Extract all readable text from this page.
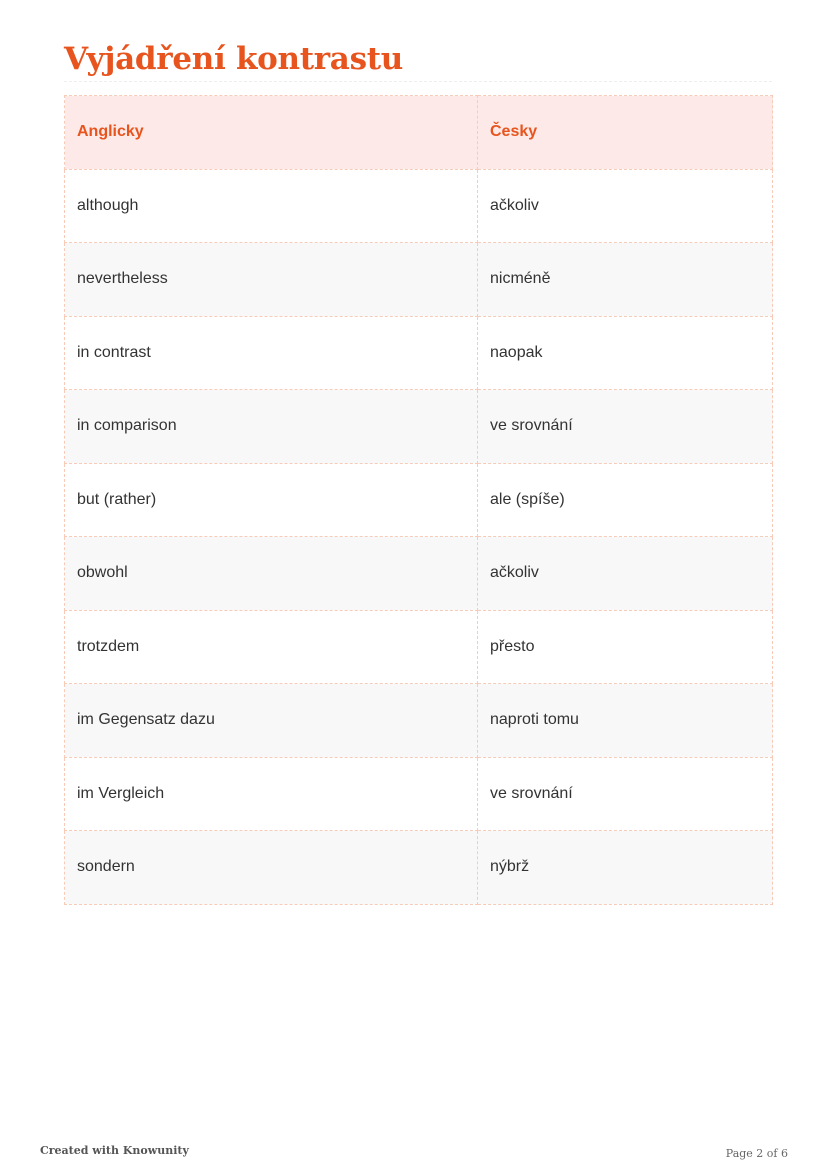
Vyjádření kontrastu
Anglicky	Česky
although	ačkoliv
nevertheless	nicméně
in contrast	naopak
in comparison	ve srovnání
but (rather)	ale (spíše)
obwohl	ačkoliv
trotzdem	přesto
im Gegensatz dazu	naproti tomu
im Vergleich	ve srovnání
sondern	nýbrž
Created with Knowunity	Page 2 of 6
